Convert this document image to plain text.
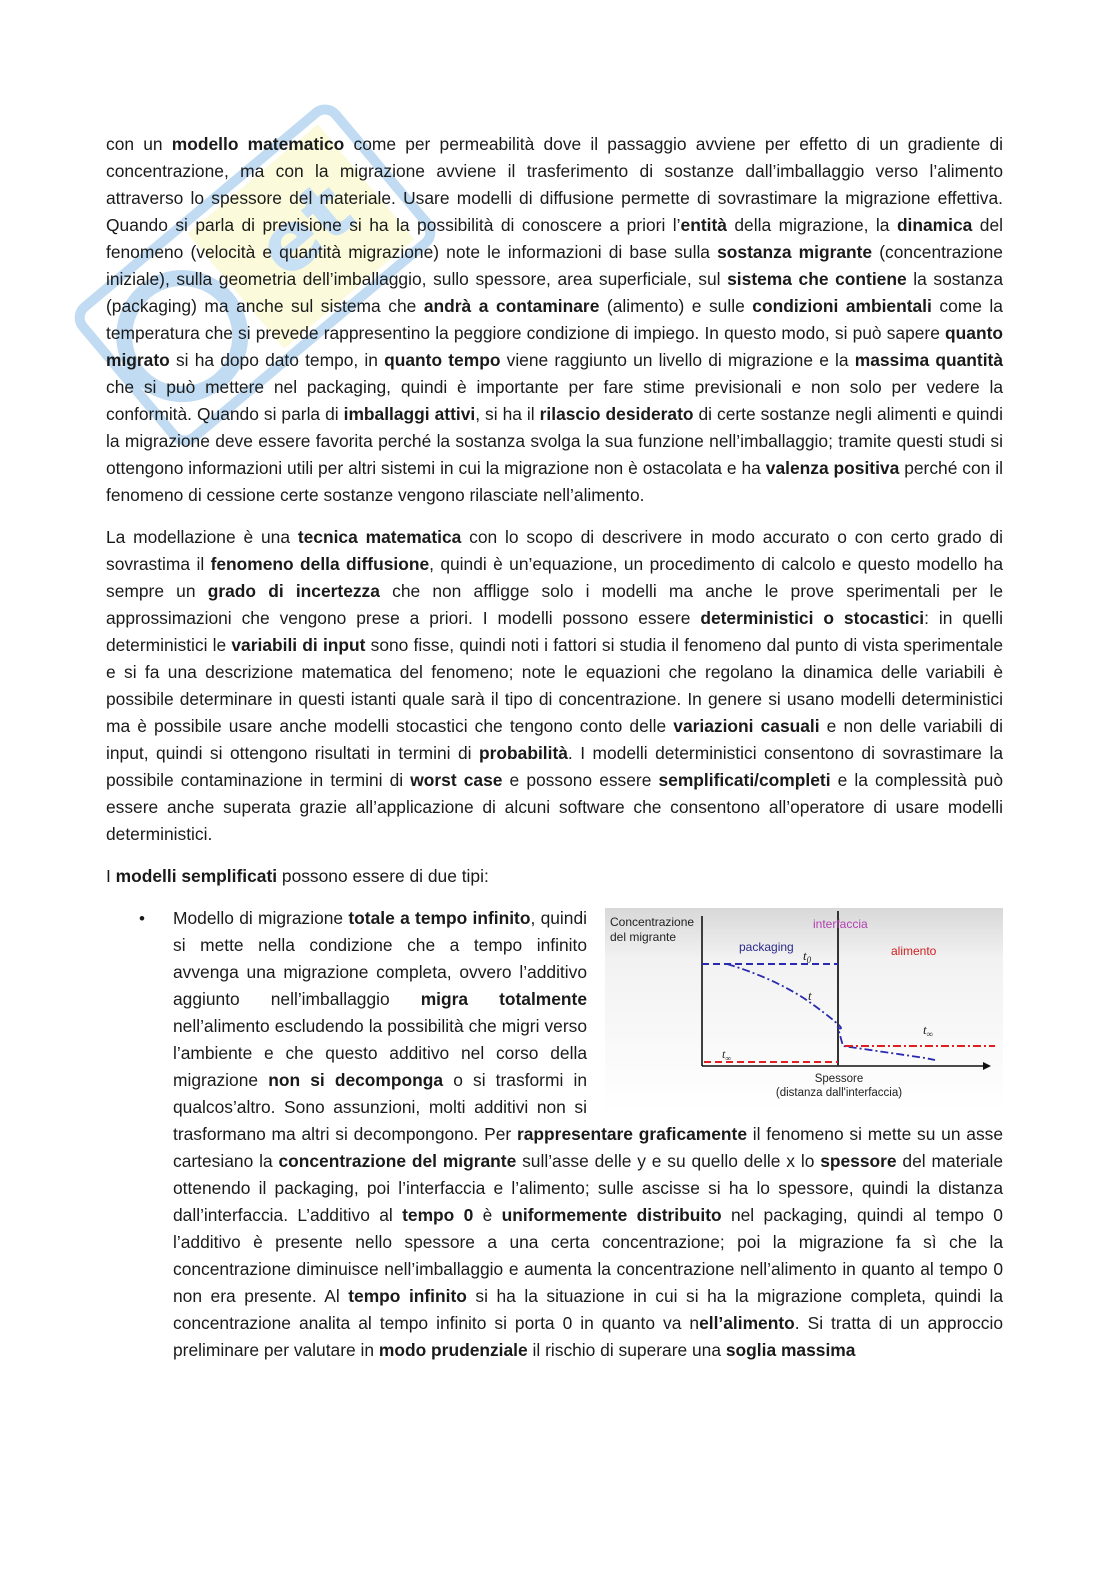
et

con un modello matematico come per permeabilità dove il passaggio avviene per effetto di un gradiente di concentrazione, ma con la migrazione avviene il trasferimento di sostanze dall’imballaggio verso l’alimento attraverso lo spessore del materiale. Usare modelli di diffusione permette di sovrastimare la migrazione effettiva. Quando si parla di previsione si ha la possibilità di conoscere a priori l’entità della migrazione, la dinamica del fenomeno (velocità e quantità migrazione) note le informazioni di base sulla sostanza migrante (concentrazione iniziale), sulla geometria dell’imballaggio, sullo spessore, area superficiale, sul sistema che contiene la sostanza (packaging) ma anche sul sistema che andrà a contaminare (alimento) e sulle condizioni ambientali come la temperatura che si prevede rappresentino la peggiore condizione di impiego. In questo modo, si può sapere quanto migrato si ha dopo dato tempo, in quanto tempo viene raggiunto un livello di migrazione e la massima quantità che si può mettere nel packaging, quindi è importante per fare stime previsionali e non solo per vedere la conformità. Quando si parla di imballaggi attivi, si ha il rilascio desiderato di certe sostanze negli alimenti e quindi la migrazione deve essere favorita perché la sostanza svolga la sua funzione nell’imballaggio; tramite questi studi si ottengono informazioni utili per altri sistemi in cui la migrazione non è ostacolata e ha valenza positiva perché con il fenomeno di cessione certe sostanze vengono rilasciate nell’alimento.

La modellazione è una tecnica matematica con lo scopo di descrivere in modo accurato o con certo grado di sovrastima il fenomeno della diffusione, quindi è un’equazione, un procedimento di calcolo e questo modello ha sempre un grado di incertezza che non affligge solo i modelli ma anche le prove sperimentali per le approssimazioni che vengono prese a priori. I modelli possono essere deterministici o stocastici: in quelli deterministici le variabili di input sono fisse, quindi noti i fattori si studia il fenomeno dal punto di vista sperimentale e si fa una descrizione matematica del fenomeno; note le equazioni che regolano la dinamica delle variabili è possibile determinare in questi istanti quale sarà il tipo di concentrazione. In genere si usano modelli deterministici ma è possibile usare anche modelli stocastici che tengono conto delle variazioni casuali e non delle variabili di input, quindi si ottengono risultati in termini di probabilità. I modelli deterministici consentono di sovrastimare la possibile contaminazione in termini di worst case e possono essere semplificati/completi e la complessità può essere anche superata grazie all’applicazione di alcuni software che consentono all’operatore di usare modelli deterministici.

I modelli semplificati possono essere di due tipi:

•	Concentrazione
del migrante
interfaccia
packaging	alimento
$t_0$
t
$t_\infty$
$t_\infty$
Spessore
(distanza dall'interfaccia)
Modello di migrazione totale a tempo infinito, quindi si mette nella condizione che a tempo infinito avvenga una migrazione completa, ovvero l’additivo aggiunto nell’imballaggio migra totalmente nell’alimento escludendo la possibilità che migri verso l’ambiente e che questo additivo nel corso della migrazione non si decomponga o si trasformi in qualcos’altro. Sono assunzioni, molti additivi non si trasformano ma altri si decompongono. Per rappresentare graficamente il fenomeno si mette su un asse cartesiano la concentrazione del migrante sull’asse delle y e su quello delle x lo spessore del materiale ottenendo il packaging, poi l’interfaccia e l’alimento; sulle ascisse si ha lo spessore, quindi la distanza dall’interfaccia. L’additivo al tempo 0 è uniformemente distribuito nel packaging, quindi al tempo 0 l’additivo è presente nello spessore a una certa concentrazione; poi la migrazione fa sì che la concentrazione diminuisce nell’imballaggio e aumenta la concentrazione nell’alimento in quanto al tempo 0 non era presente. Al tempo infinito si ha la situazione in cui si ha la migrazione completa, quindi la concentrazione analita al tempo infinito si porta 0 in quanto va nell’alimento. Si tratta di un approccio preliminare per valutare in modo prudenziale il rischio di superare una soglia massima
